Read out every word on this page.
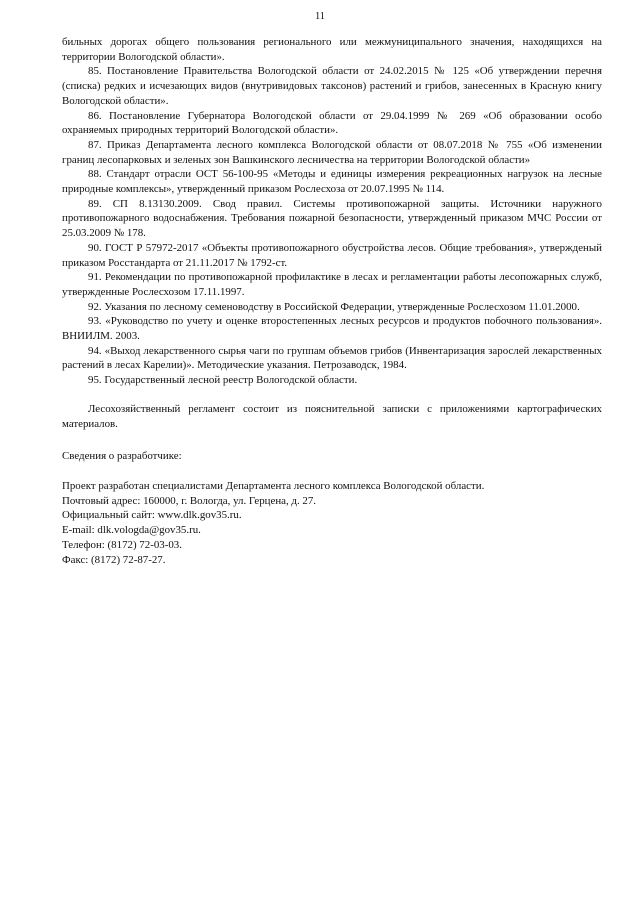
11

бильных дорогах общего пользования регионального или межмуниципального значения, находящихся на территории Вологодской области».

85. Постановление Правительства Вологодской области от 24.02.2015 № 125 «Об утверждении перечня (списка) редких и исчезающих видов (внутривидовых таксонов) растений и грибов, занесенных в Красную книгу Вологодской области».

86. Постановление Губернатора Вологодской области от 29.04.1999 № 269 «Об образовании особо охраняемых природных территорий Вологодской области».

87. Приказ Департамента лесного комплекса Вологодской области от 08.07.2018 № 755 «Об изменении границ лесопарковых и зеленых зон Вашкинского лесничества на территории Вологодской области»

88. Стандарт отрасли ОСТ 56-100-95 «Методы и единицы измерения рекреационных нагрузок на лесные природные комплексы», утвержденный приказом Рослесхоза от 20.07.1995 № 114.

89. СП 8.13130.2009. Свод правил. Системы противопожарной защиты. Источники наружного противопожарного водоснабжения. Требования пожарной безопасности, утвержденный приказом МЧС России от 25.03.2009 № 178.

90. ГОСТ Р 57972-2017 «Объекты противопожарного обустройства лесов. Общие требования», утвержденый приказом Росстандарта от 21.11.2017 № 1792-ст.

91. Рекомендации по противопожарной профилактике в лесах и регламентации работы лесопожарных служб, утвержденные Рослесхозом 17.11.1997.

92. Указания по лесному семеноводству в Российской Федерации, утвержденные Рослесхозом 11.01.2000.

93. «Руководство по учету и оценке второстепенных лесных ресурсов и продуктов побочного пользования». ВНИИЛМ. 2003.

94. «Выход лекарственного сырья чаги по группам объемов грибов (Инвентаризация зарослей лекарственных растений в лесах Карелии)». Методические указания. Петрозаводск, 1984.

95. Государственный лесной реестр Вологодской области.

Лесохозяйственный регламент состоит из пояснительной записки с приложениями картографических материалов.

Сведения о разработчике:

Проект разработан специалистами Департамента лесного комплекса Вологодской области.

Почтовый адрес: 160000, г. Вологда, ул. Герцена, д. 27.

Официальный сайт: www.dlk.gov35.ru.

E-mail: dlk.vologda@gov35.ru.

Телефон: (8172) 72-03-03.

Факс: (8172) 72-87-27.
